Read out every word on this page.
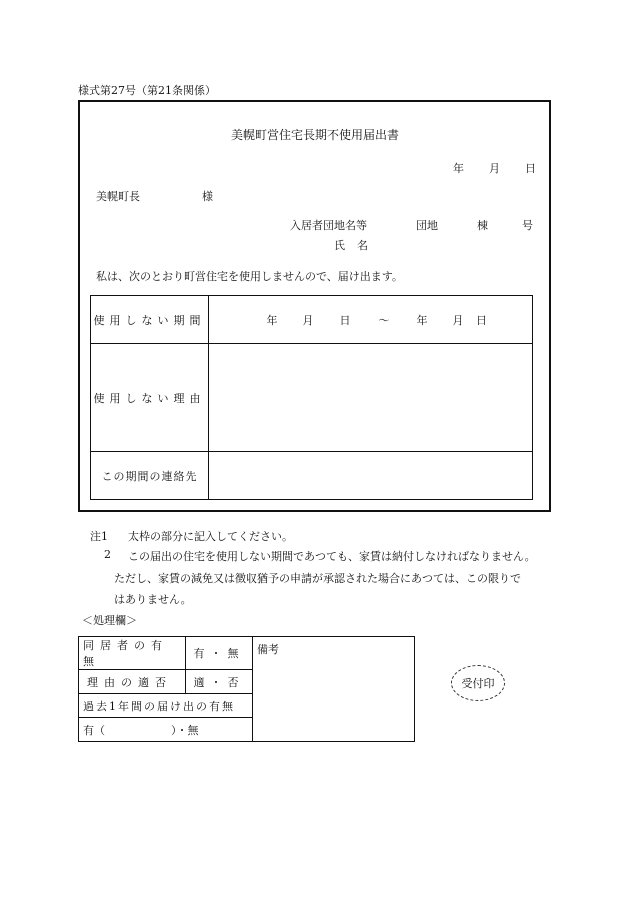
様式第27号（第21条関係）
美幌町営住宅長期不使用届出書
年 月 日
美幌町長	様
入居者団地名等	団地	棟	号
氏名
私は、次のとおり町営住宅を使用しませんので、届け出ます。
使用しない期間	年 月 日 ～ 年 月 日
使用しない理由	
この期間の連絡先	
注1 太枠の部分に記入してください。
2 この届出の住宅を使用しない期間であつても、家賃は納付しなければなりません。
ただし、家賃の減免又は徴収猶予の申請が承認された場合にあつては、この限りで
はありません。
＜処理欄＞
同居者の有無	有・無	備考
理由の適否	適・否	
過去1年間の届け出の有無		
有（　　　　　　）・無		
受付印
